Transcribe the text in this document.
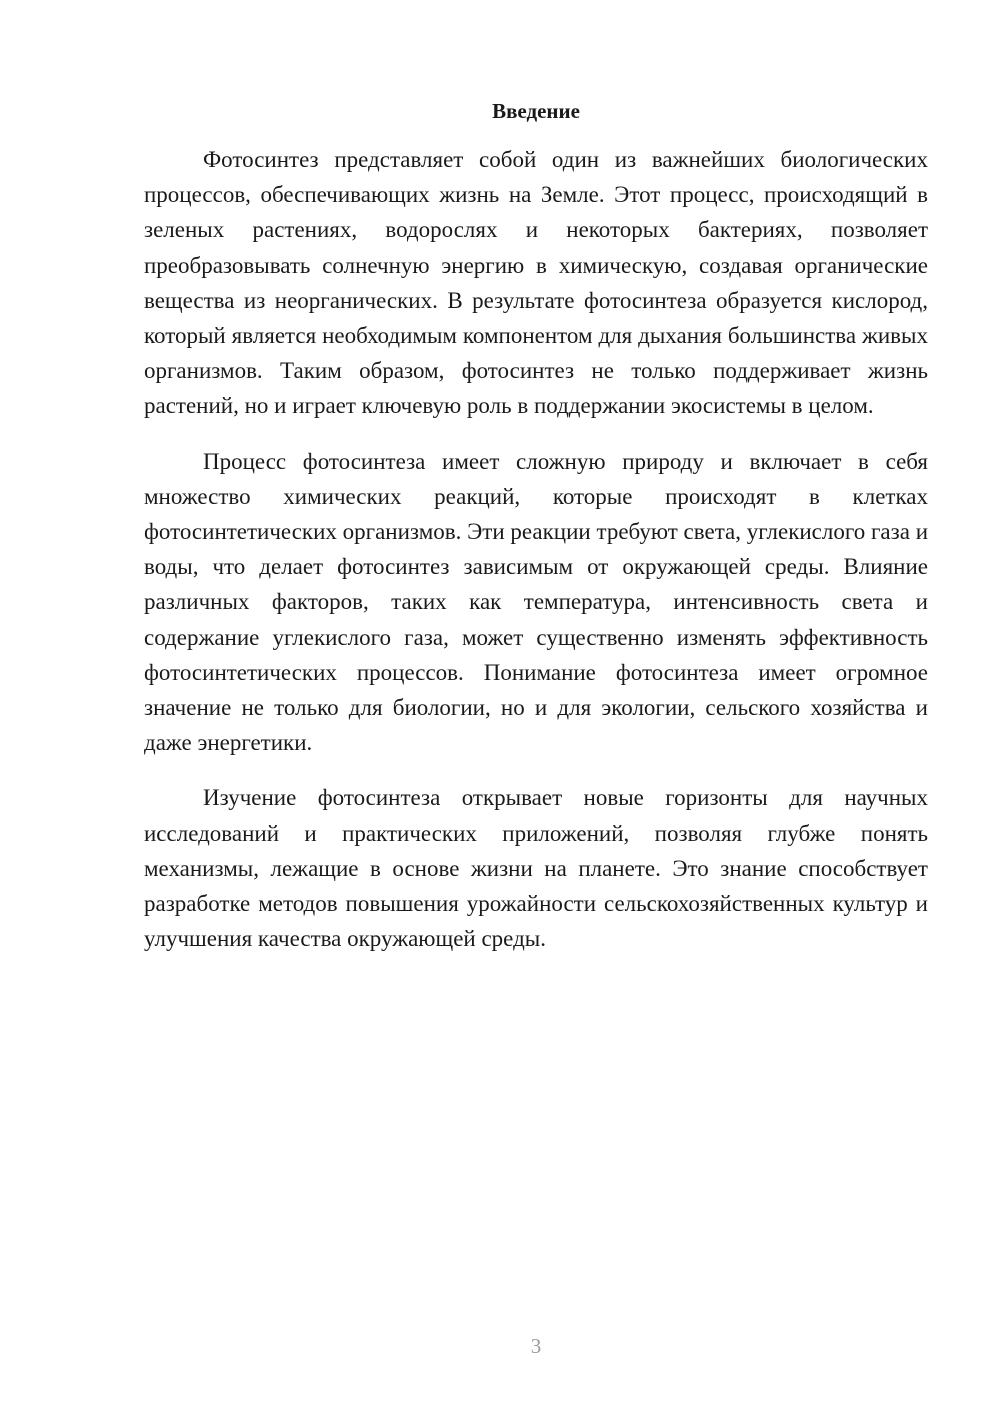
Введение

Фотосинтез представляет собой один из важнейших биологических процессов, обеспечивающих жизнь на Земле. Этот процесс, происходящий в зеленых растениях, водорослях и некоторых бактериях, позволяет преобразовывать солнечную энергию в химическую, создавая органические вещества из неорганических. В результате фотосинтеза образуется кислород, который является необходимым компонентом для дыхания большинства живых организмов. Таким образом, фотосинтез не только поддерживает жизнь растений, но и играет ключевую роль в поддержании экосистемы в целом.

Процесс фотосинтеза имеет сложную природу и включает в себя множество химических реакций, которые происходят в клетках фотосинтетических организмов. Эти реакции требуют света, углекислого газа и воды, что делает фотосинтез зависимым от окружающей среды. Влияние различных факторов, таких как температура, интенсивность света и содержание углекислого газа, может существенно изменять эффективность фотосинтетических процессов. Понимание фотосинтеза имеет огромное значение не только для биологии, но и для экологии, сельского хозяйства и даже энергетики.

Изучение фотосинтеза открывает новые горизонты для научных исследований и практических приложений, позволяя глубже понять механизмы, лежащие в основе жизни на планете. Это знание способствует разработке методов повышения урожайности сельскохозяйственных культур и улучшения качества окружающей среды.

3
